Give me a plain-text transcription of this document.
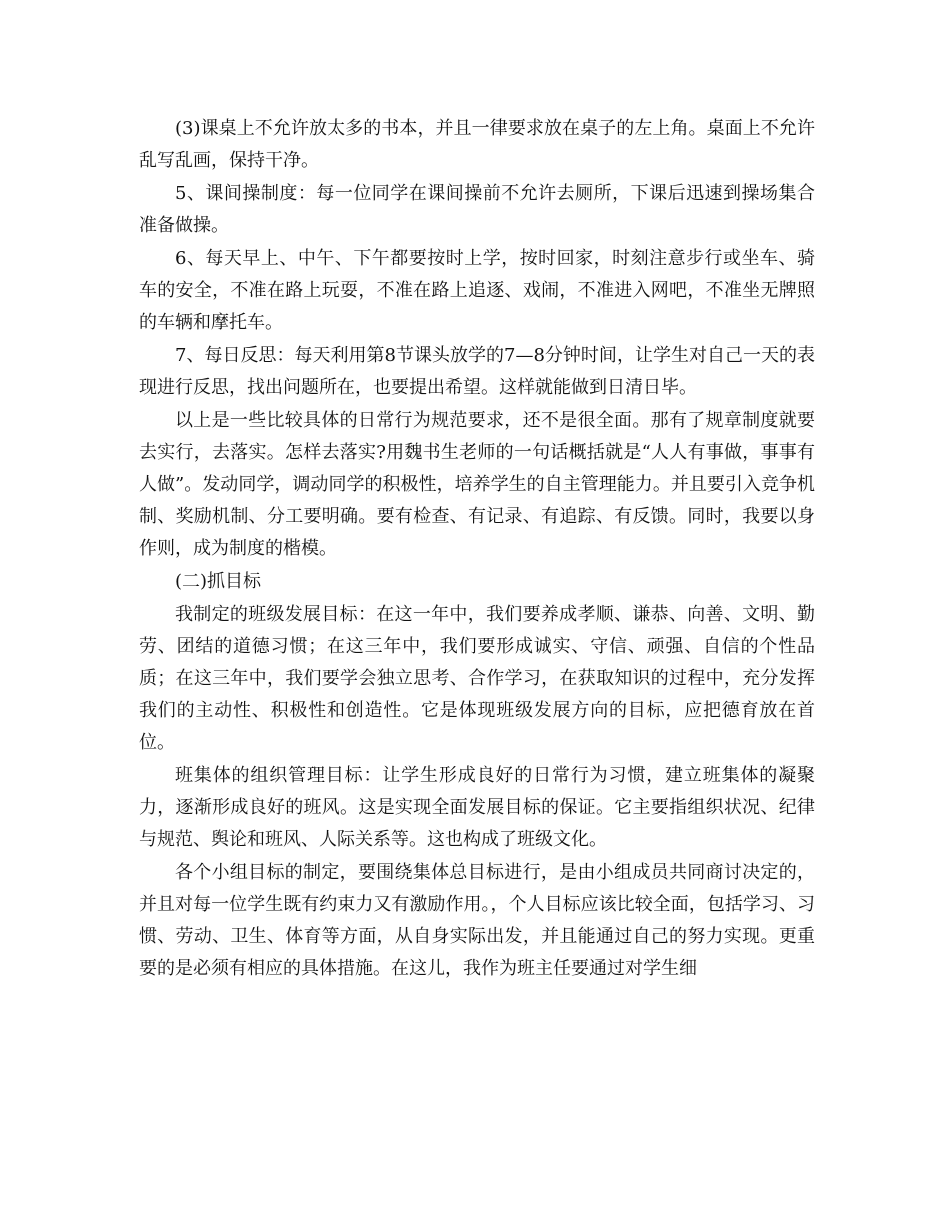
(3)课桌上不允许放太多的书本，并且一律要求放在桌子的左上角。桌面上不允许乱写乱画，保持干净。

5、课间操制度：每一位同学在课间操前不允许去厕所，下课后迅速到操场集合准备做操。

6、每天早上、中午、下午都要按时上学，按时回家，时刻注意步行或坐车、骑车的安全，不准在路上玩耍，不准在路上追逐、戏闹，不准进入网吧，不准坐无牌照的车辆和摩托车。

7、每日反思：每天利用第8节课头放学的7—8分钟时间，让学生对自己一天的表现进行反思，找出问题所在，也要提出希望。这样就能做到日清日毕。

以上是一些比较具体的日常行为规范要求，还不是很全面。那有了规章制度就要去实行，去落实。怎样去落实?用魏书生老师的一句话概括就是“人人有事做，事事有人做”。发动同学，调动同学的积极性，培养学生的自主管理能力。并且要引入竞争机制、奖励机制、分工要明确。要有检查、有记录、有追踪、有反馈。同时，我要以身作则，成为制度的楷模。

(二)抓目标

我制定的班级发展目标：在这一年中，我们要养成孝顺、谦恭、向善、文明、勤劳、团结的道德习惯；在这三年中，我们要形成诚实、守信、顽强、自信的个性品质；在这三年中，我们要学会独立思考、合作学习，在获取知识的过程中，充分发挥我们的主动性、积极性和创造性。它是体现班级发展方向的目标，应把德育放在首位。

班集体的组织管理目标：让学生形成良好的日常行为习惯，建立班集体的凝聚力，逐渐形成良好的班风。这是实现全面发展目标的保证。它主要指组织状况、纪律与规范、舆论和班风、人际关系等。这也构成了班级文化。

各个小组目标的制定，要围绕集体总目标进行，是由小组成员共同商讨决定的，并且对每一位学生既有约束力又有激励作用。，个人目标应该比较全面，包括学习、习惯、劳动、卫生、体育等方面，从自身实际出发，并且能通过自己的努力实现。更重要的是必须有相应的具体措施。在这儿，我作为班主任要通过对学生细
